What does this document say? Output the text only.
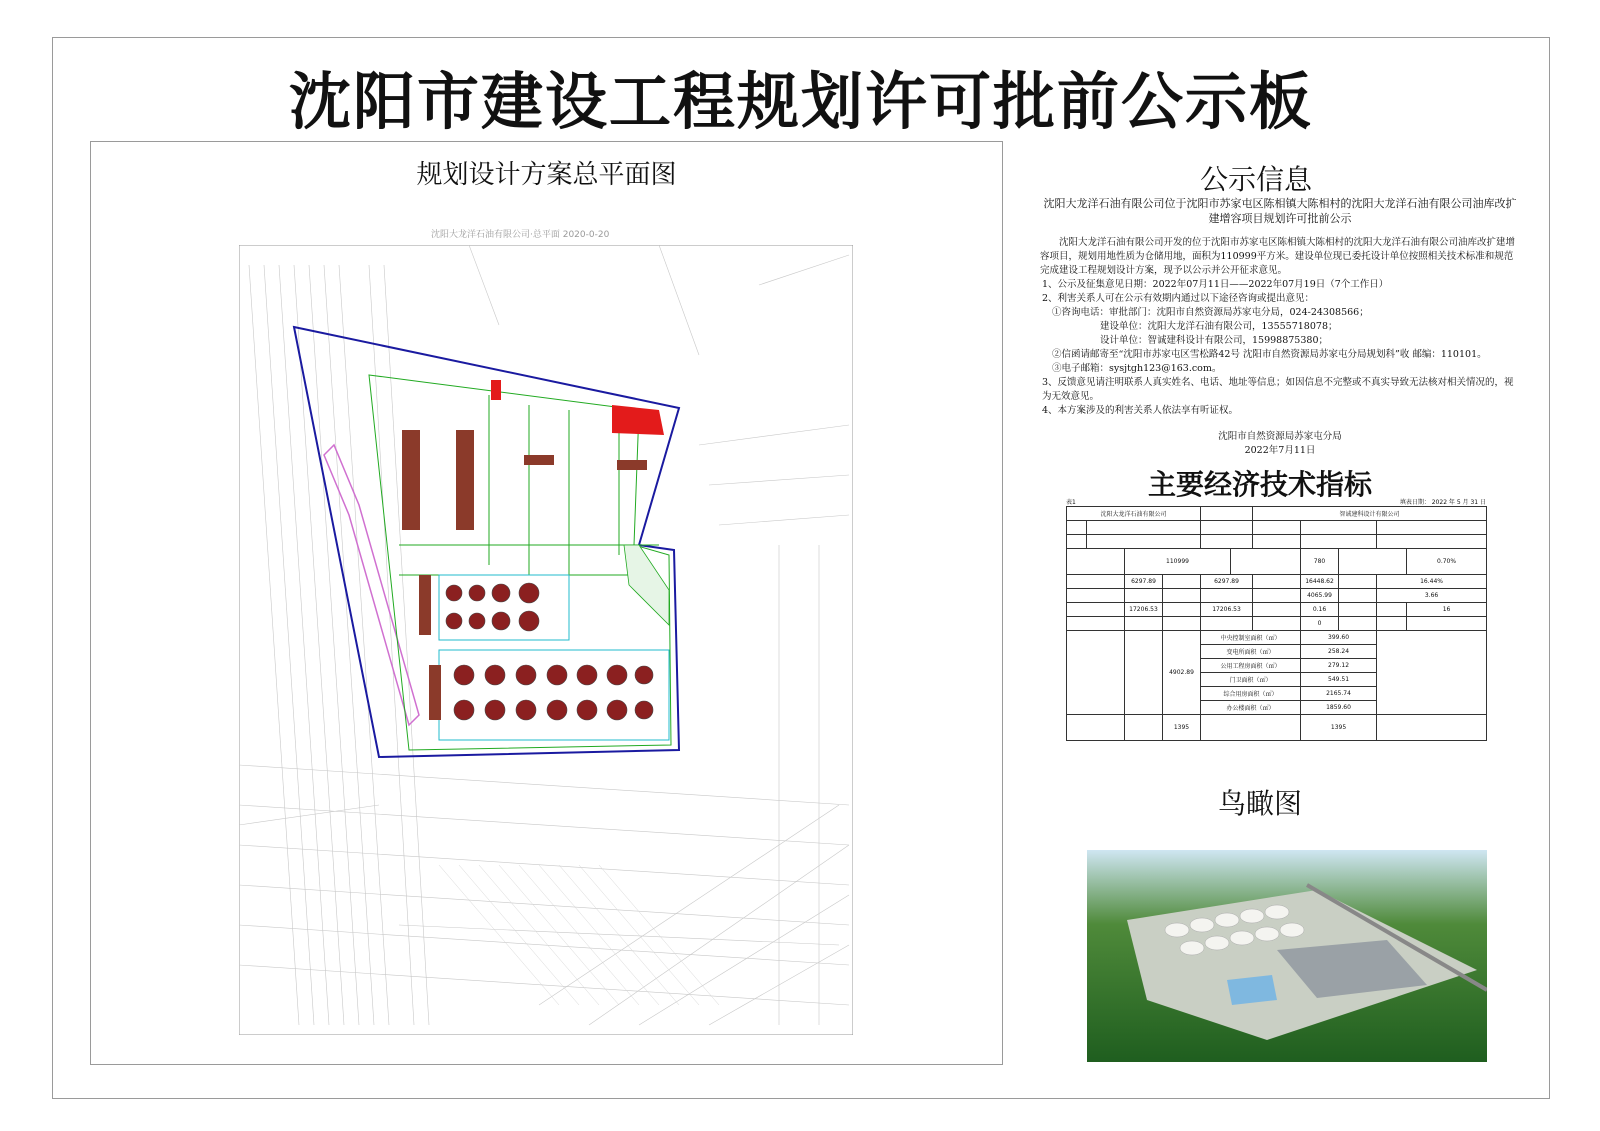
沈阳市建设工程规划许可批前公示板
规划设计方案总平面图
沈阳大龙洋石油有限公司·总平面 2020-0-20
公示信息
沈阳大龙洋石油有限公司位于沈阳市苏家屯区陈相镇大陈相村的沈阳大龙洋石油有限公司油库改扩建增容项目规划许可批前公示

沈阳大龙洋石油有限公司开发的位于沈阳市苏家屯区陈相镇大陈相村的沈阳大龙洋石油有限公司油库改扩建增容项目，规划用地性质为仓储用地，面积为110999平方米。建设单位现已委托设计单位按照相关技术标准和规范完成建设工程规划设计方案，现予以公示并公开征求意见。

1、公示及征集意见日期：2022年07月11日——2022年07月19日（7个工作日）

2、利害关系人可在公示有效期内通过以下途径咨询或提出意见：

①咨询电话：审批部门：沈阳市自然资源局苏家屯分局，024-24308566；

建设单位：沈阳大龙洋石油有限公司，13555718078；

设计单位：智诚建科设计有限公司，15998875380；

②信函请邮寄至“沈阳市苏家屯区雪松路42号 沈阳市自然资源局苏家屯分局规划科”收 邮编：110101。

③电子邮箱：sysjtgh123@163.com。

3、反馈意见请注明联系人真实姓名、电话、地址等信息；如因信息不完整或不真实导致无法核对相关情况的，视为无效意见。

4、本方案涉及的利害关系人依法享有听证权。

沈阳市自然资源局苏家屯分局
2022年7月11日
主要经济技术指标
表1	填表日期： 2022 年 5 月 31 日
沈阳大龙洋石油有限公司						智诚建科设计有限公司				

		110999					780			0.70%
		6297.89		6297.89			16448.62		16.44%	
							4065.99		3.66	
		17206.53		17206.53			0.16			16
							0			
			4902.89	中央控制室面积（㎡）			399.60			
				变电所面积（㎡）			258.24			
				公用工程房面积（㎡）			279.12			
				门卫面积（㎡）			549.51			
				综合用房面积（㎡）			2165.74			
				办公楼面积（㎡）			1859.60			
			1395				1395			
鸟瞰图
